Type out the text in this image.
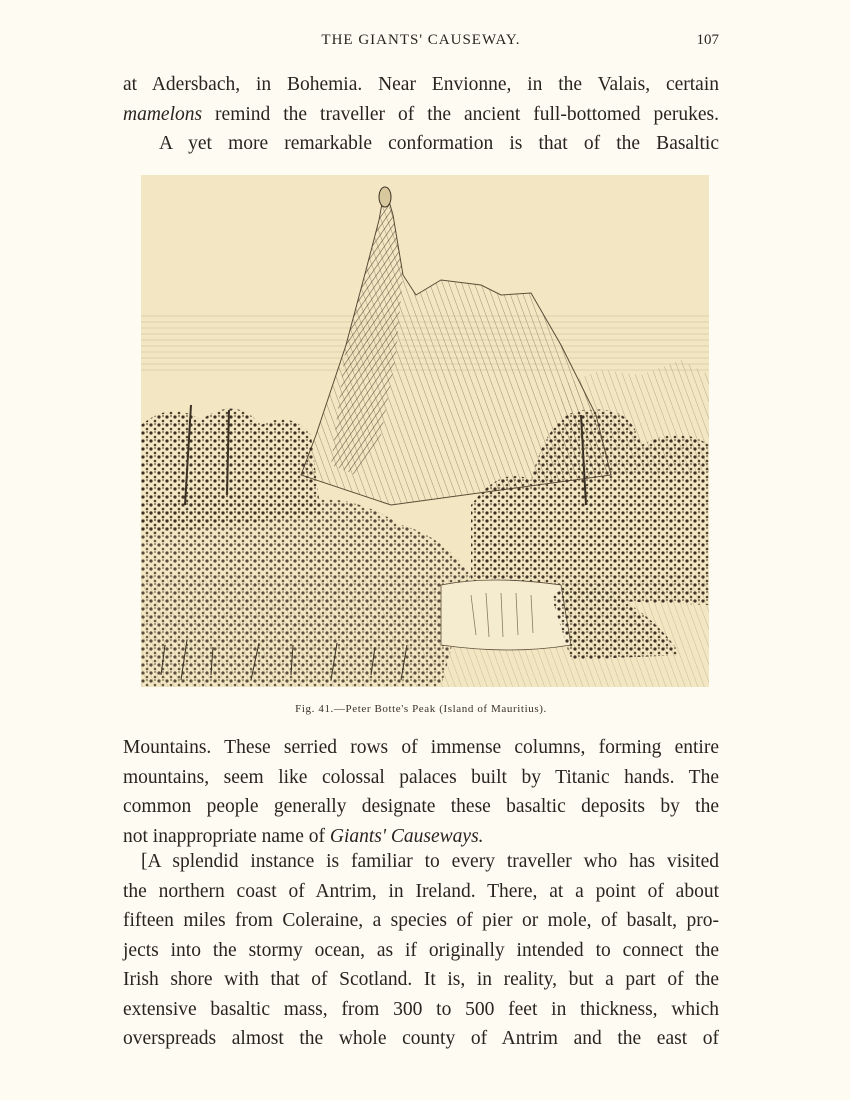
THE GIANTS' CAUSEWAY.	107

at Adersbach, in Bohemia. Near Envionne, in the Valais, certain
mamelons remind the traveller of the ancient full-bottomed perukes.
A yet more remarkable conformation is that of the Basaltic

Fig. 41.—Peter Botte's Peak (Island of Mauritius).

Mountains. These serried rows of immense columns, forming entire
mountains, seem like colossal palaces built by Titanic hands. The
common people generally designate these basaltic deposits by the
not inappropriate name of Giants' Causeways.

[A splendid instance is familiar to every traveller who has visited
the northern coast of Antrim, in Ireland. There, at a point of about
fifteen miles from Coleraine, a species of pier or mole, of basalt, pro-
jects into the stormy ocean, as if originally intended to connect the
Irish shore with that of Scotland. It is, in reality, but a part of the
extensive basaltic mass, from 300 to 500 feet in thickness, which
overspreads almost the whole county of Antrim and the east of
